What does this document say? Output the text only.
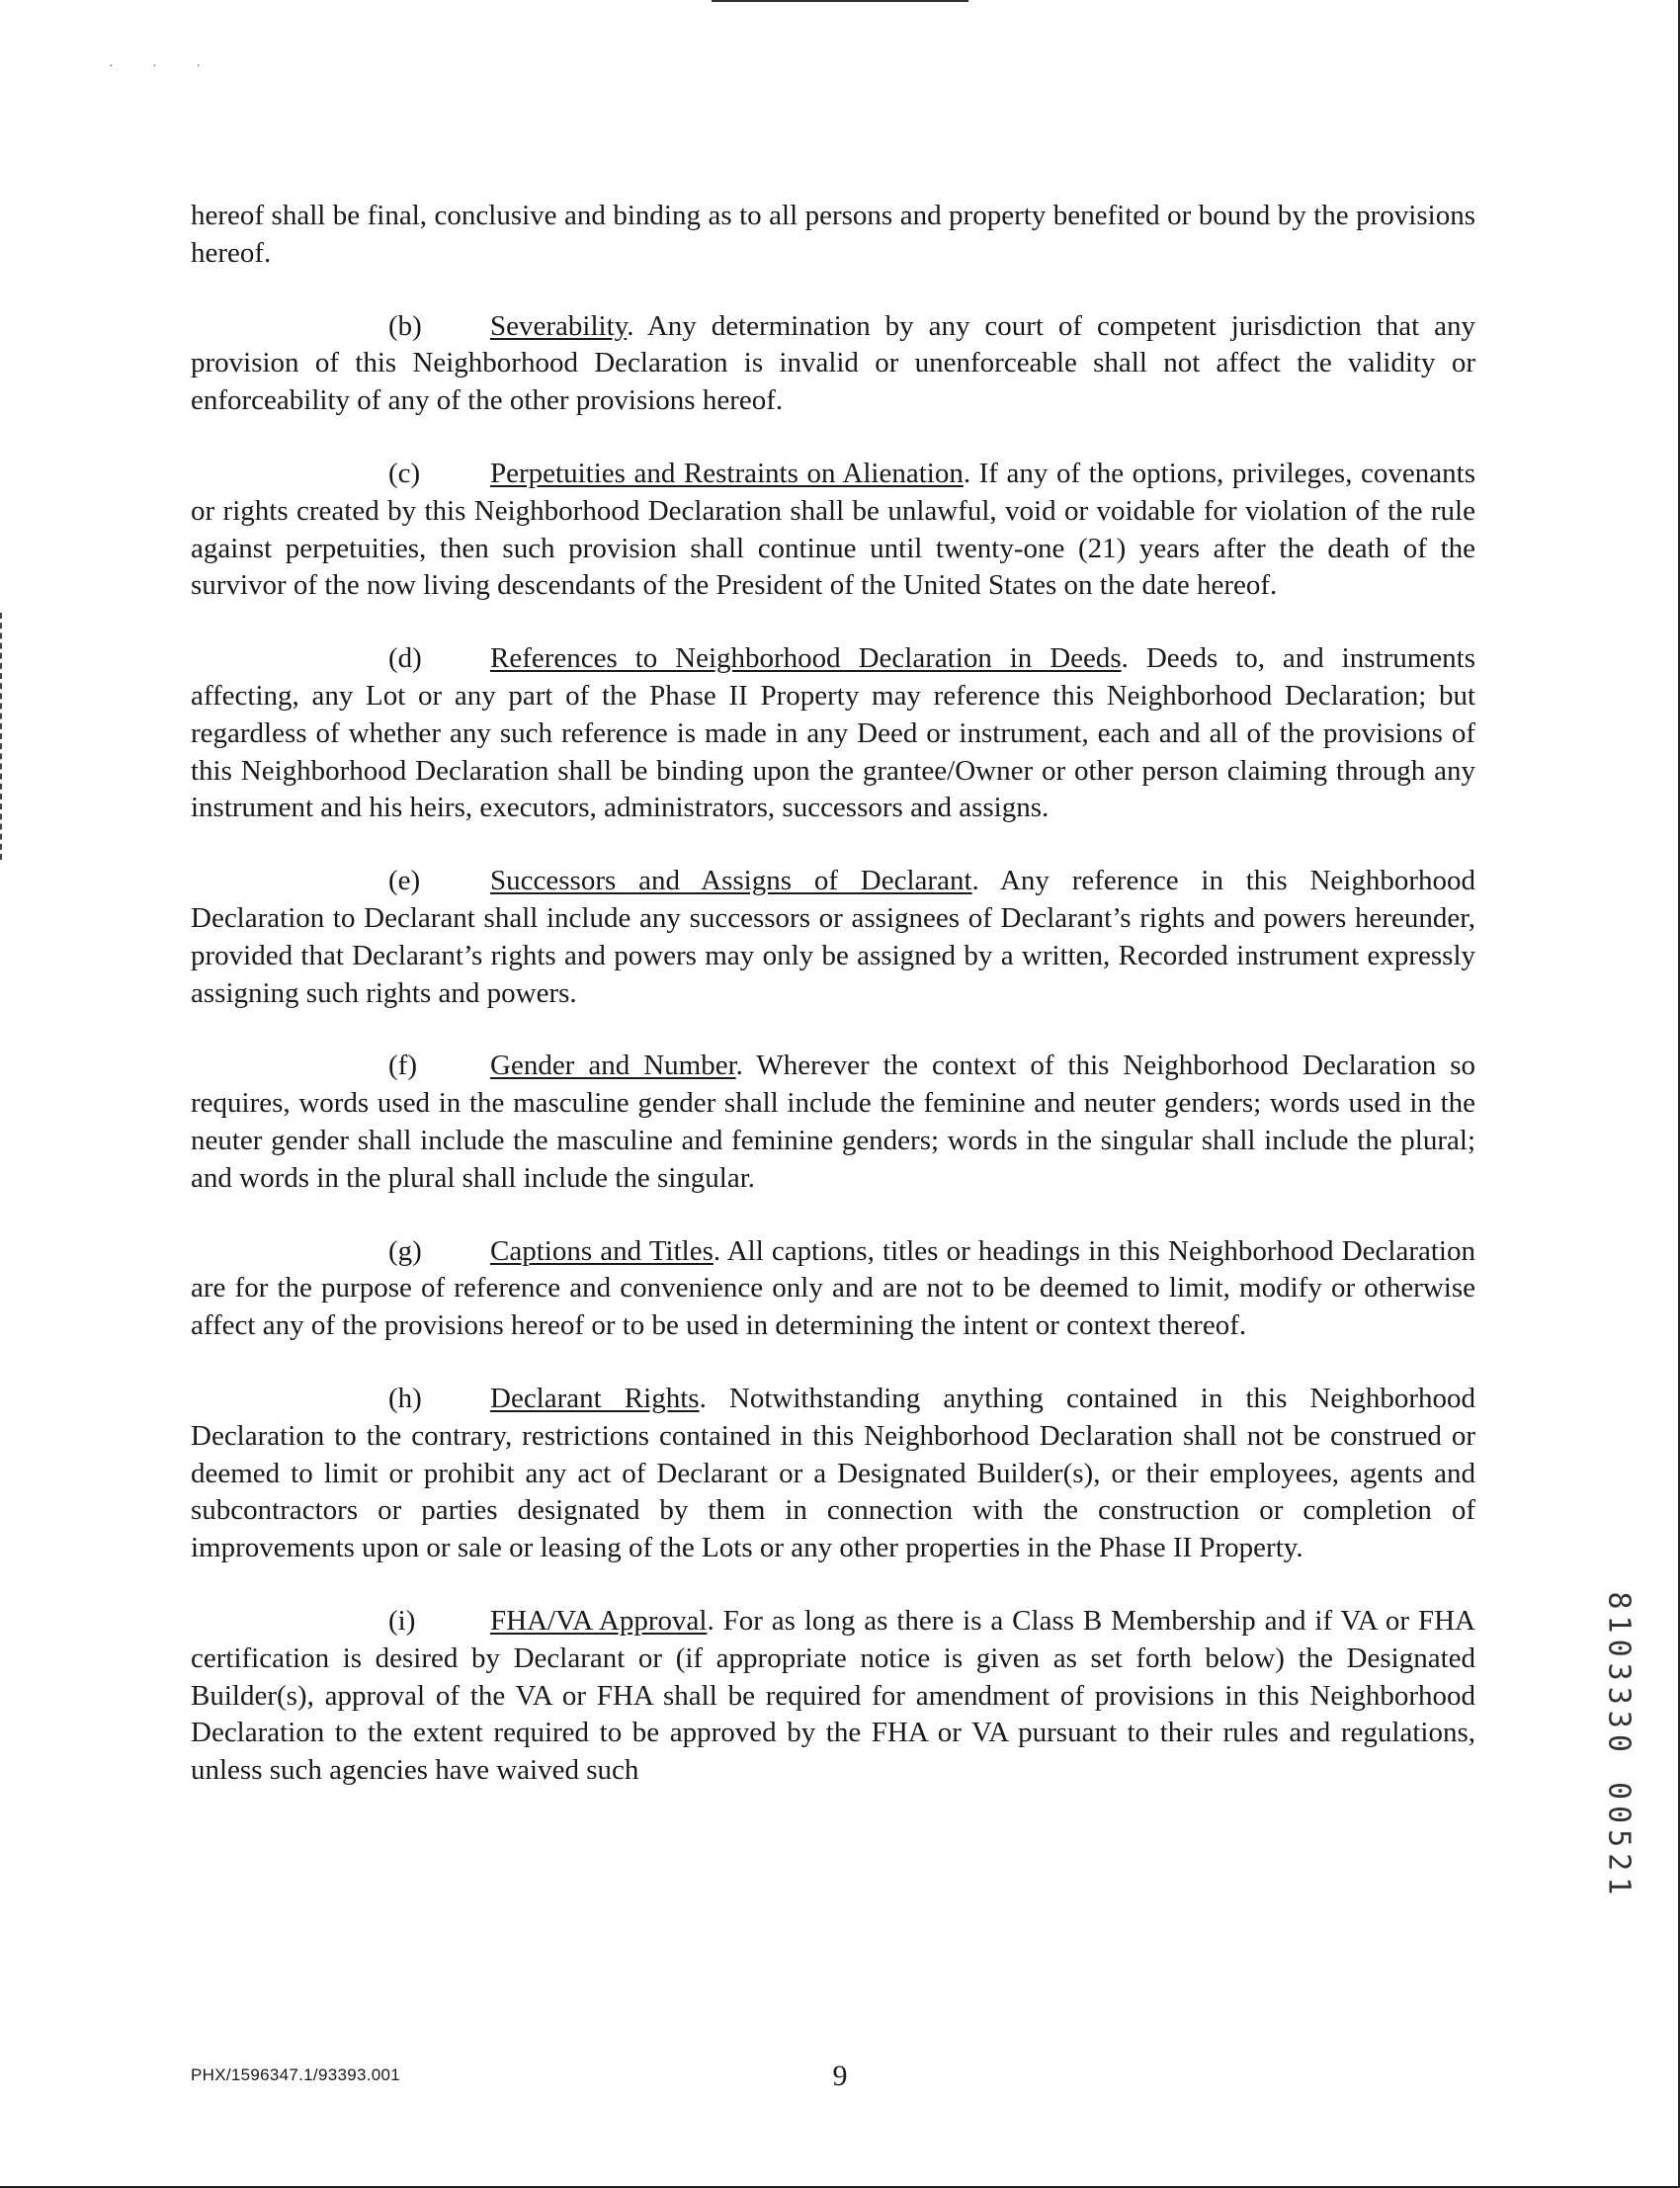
· · ·

hereof shall be final, conclusive and binding as to all persons and property benefited or bound by the provisions hereof.

(b) Severability. Any determination by any court of competent jurisdiction that any provision of this Neighborhood Declaration is invalid or unenforceable shall not affect the validity or enforceability of any of the other provisions hereof.

(c) Perpetuities and Restraints on Alienation. If any of the options, privileges, covenants or rights created by this Neighborhood Declaration shall be unlawful, void or voidable for violation of the rule against perpetuities, then such provision shall continue until twenty-one (21) years after the death of the survivor of the now living descendants of the President of the United States on the date hereof.

(d) References to Neighborhood Declaration in Deeds. Deeds to, and instruments affecting, any Lot or any part of the Phase II Property may reference this Neighborhood Declaration; but regardless of whether any such reference is made in any Deed or instrument, each and all of the provisions of this Neighborhood Declaration shall be binding upon the grantee/Owner or other person claiming through any instrument and his heirs, executors, administrators, successors and assigns.

(e) Successors and Assigns of Declarant. Any reference in this Neighborhood Declaration to Declarant shall include any successors or assignees of Declarant’s rights and powers hereunder, provided that Declarant’s rights and powers may only be assigned by a written, Recorded instrument expressly assigning such rights and powers.

(f)	Gender and Number. Wherever the context of this Neighborhood Declaration so requires, words used in the masculine gender shall include the feminine and neuter genders; words used in the neuter gender shall include the masculine and feminine genders; words in the singular shall include the plural; and words in the plural shall include the singular.

(g) Captions and Titles. All captions, titles or headings in this Neighborhood Declaration are for the purpose of reference and convenience only and are not to be deemed to limit, modify or otherwise affect any of the provisions hereof or to be used in determining the intent or context thereof.

(h) Declarant Rights. Notwithstanding anything contained in this Neighborhood Declaration to the contrary, restrictions contained in this Neighborhood Declaration shall not be construed or deemed to limit or prohibit any act of Declarant or a Designated Builder(s), or their employees, agents and subcontractors or parties designated by them in connection with the construction or completion of improvements upon or sale or leasing of the Lots or any other properties in the Phase II Property.

(i)	FHA/VA Approval. For as long as there is a Class B Membership and if VA or FHA certification is desired by Declarant or (if appropriate notice is given as set forth below) the Designated Builder(s), approval of the VA or FHA shall be required for amendment of provisions in this Neighborhood Declaration to the extent required to be approved by the FHA or VA pursuant to their rules and regulations, unless such agencies have waived such

PHX/1596347.1/93393.001	9
8103330 00521
